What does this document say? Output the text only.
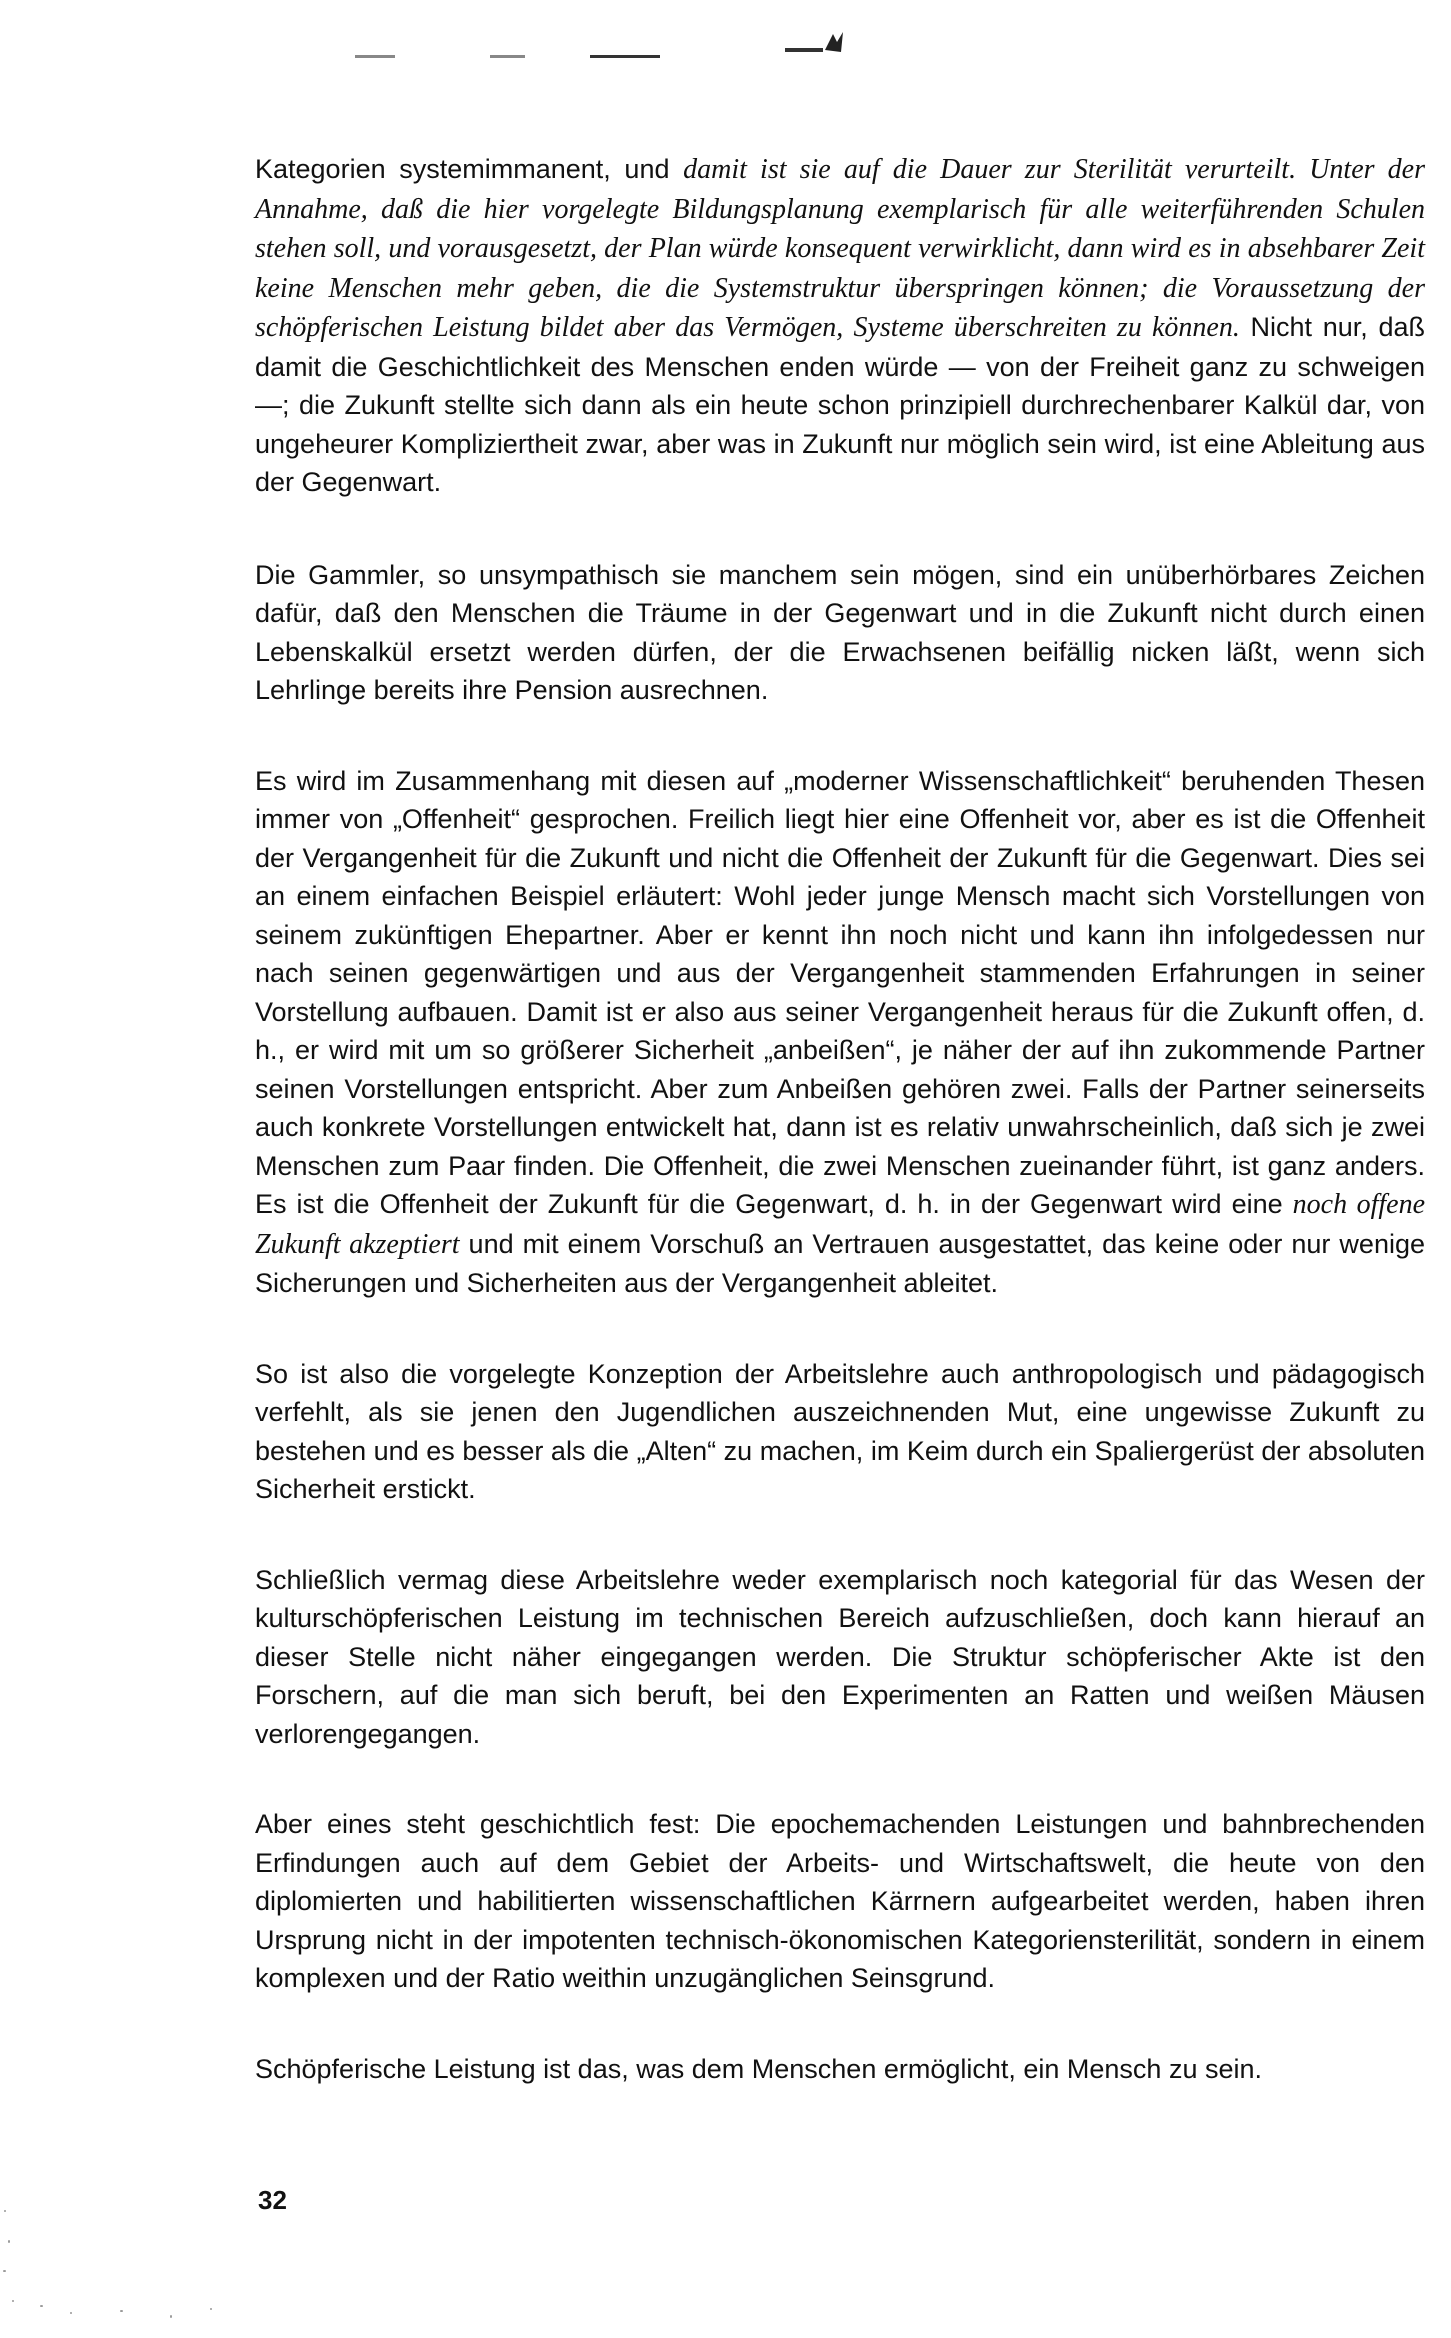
Kategorien systemimmanent, und damit ist sie auf die Dauer zur Sterilität verurteilt. Unter der Annahme, daß die hier vorgelegte Bildungsplanung exemplarisch für alle weiterführenden Schulen stehen soll, und vorausgesetzt, der Plan würde konsequent verwirklicht, dann wird es in absehbarer Zeit keine Menschen mehr geben, die die Systemstruktur überspringen können; die Voraussetzung der schöpferischen Leistung bildet aber das Vermögen, Systeme überschreiten zu können. Nicht nur, daß damit die Geschichtlichkeit des Menschen enden würde — von der Freiheit ganz zu schweigen —; die Zukunft stellte sich dann als ein heute schon prinzipiell durchrechenbarer Kalkül dar, von ungeheurer Kompliziertheit zwar, aber was in Zukunft nur möglich sein wird, ist eine Ableitung aus der Gegenwart.

Die Gammler, so unsympathisch sie manchem sein mögen, sind ein unüberhörbares Zeichen dafür, daß den Menschen die Träume in der Gegenwart und in die Zukunft nicht durch einen Lebenskalkül ersetzt werden dürfen, der die Erwachsenen beifällig nicken läßt, wenn sich Lehrlinge bereits ihre Pension ausrechnen.

Es wird im Zusammenhang mit diesen auf „moderner Wissenschaftlichkeit“ beruhenden Thesen immer von „Offenheit“ gesprochen. Freilich liegt hier eine Offenheit vor, aber es ist die Offenheit der Vergangenheit für die Zukunft und nicht die Offenheit der Zukunft für die Gegenwart. Dies sei an einem einfachen Beispiel erläutert: Wohl jeder junge Mensch macht sich Vorstellungen von seinem zukünftigen Ehepartner. Aber er kennt ihn noch nicht und kann ihn infolgedessen nur nach seinen gegenwärtigen und aus der Vergangenheit stammenden Erfahrungen in seiner Vorstellung aufbauen. Damit ist er also aus seiner Vergangenheit heraus für die Zukunft offen, d. h., er wird mit um so größerer Sicherheit „anbeißen“, je näher der auf ihn zukommende Partner seinen Vorstellungen entspricht. Aber zum Anbeißen gehören zwei. Falls der Partner seinerseits auch konkrete Vorstellungen entwickelt hat, dann ist es relativ unwahrscheinlich, daß sich je zwei Menschen zum Paar finden. Die Offenheit, die zwei Menschen zueinander führt, ist ganz anders. Es ist die Offenheit der Zukunft für die Gegenwart, d. h. in der Gegenwart wird eine noch offene Zukunft akzeptiert und mit einem Vorschuß an Vertrauen ausgestattet, das keine oder nur wenige Sicherungen und Sicherheiten aus der Vergangenheit ableitet.

So ist also die vorgelegte Konzeption der Arbeitslehre auch anthropologisch und pädagogisch verfehlt, als sie jenen den Jugendlichen auszeichnenden Mut, eine ungewisse Zukunft zu bestehen und es besser als die „Alten“ zu machen, im Keim durch ein Spaliergerüst der absoluten Sicherheit erstickt.

Schließlich vermag diese Arbeitslehre weder exemplarisch noch kategorial für das Wesen der kulturschöpferischen Leistung im technischen Bereich aufzuschließen, doch kann hierauf an dieser Stelle nicht näher eingegangen werden. Die Struktur schöpferischer Akte ist den Forschern, auf die man sich beruft, bei den Experimenten an Ratten und weißen Mäusen verlorengegangen.

Aber eines steht geschichtlich fest: Die epochemachenden Leistungen und bahnbrechenden Erfindungen auch auf dem Gebiet der Arbeits- und Wirtschaftswelt, die heute von den diplomierten und habilitierten wissenschaftlichen Kärrnern aufgearbeitet werden, haben ihren Ursprung nicht in der impotenten technisch-ökonomischen Kategoriensterilität, sondern in einem komplexen und der Ratio weithin unzugänglichen Seinsgrund.

Schöpferische Leistung ist das, was dem Menschen ermöglicht, ein Mensch zu sein.

32
